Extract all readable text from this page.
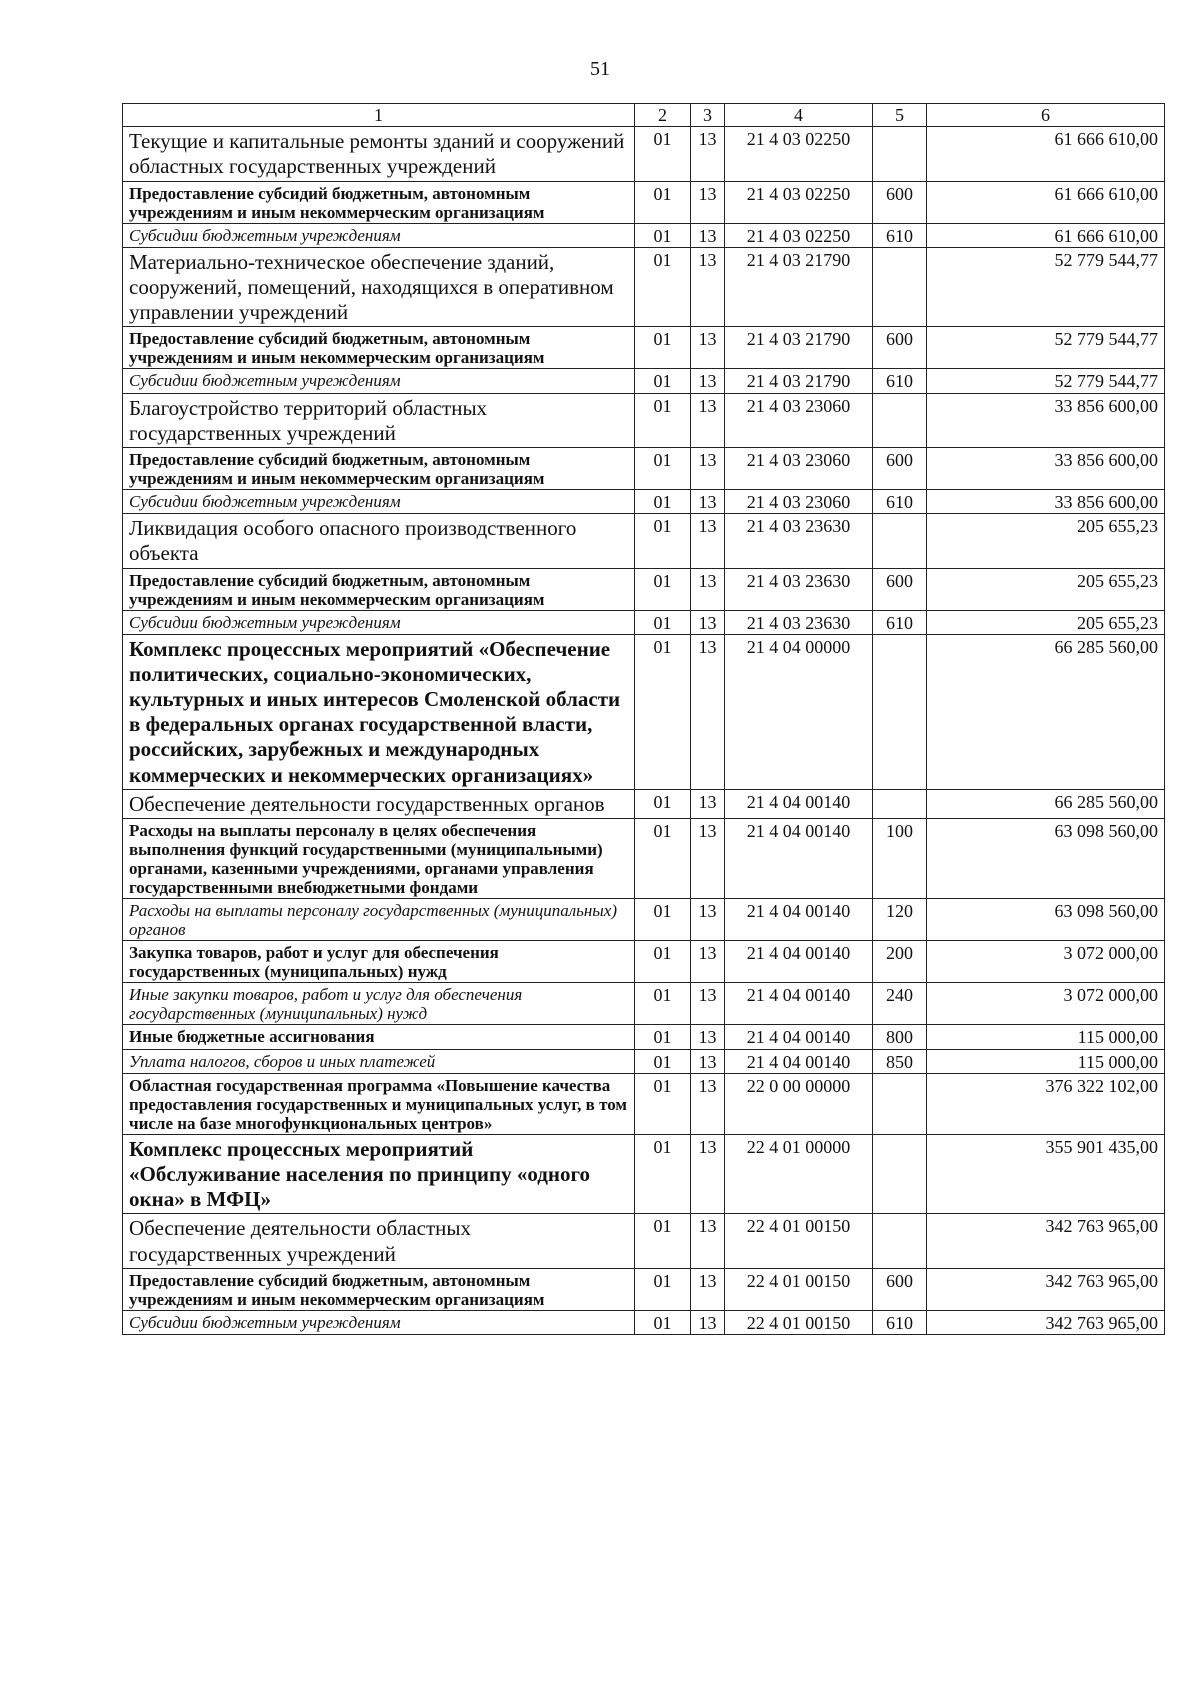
51
1	2	3	4	5	6
Текущие и капитальные ремонты зданий и сооружений областных государственных учреждений	01	13	21 4 03 02250		61 666 610,00
Предоставление субсидий бюджетным, автономным учреждениям и иным некоммерческим организациям	01	13	21 4 03 02250	600	61 666 610,00
Субсидии бюджетным учреждениям	01	13	21 4 03 02250	610	61 666 610,00
Материально-техническое обеспечение зданий, сооружений, помещений, находящихся в оперативном управлении учреждений	01	13	21 4 03 21790		52 779 544,77
Предоставление субсидий бюджетным, автономным учреждениям и иным некоммерческим организациям	01	13	21 4 03 21790	600	52 779 544,77
Субсидии бюджетным учреждениям	01	13	21 4 03 21790	610	52 779 544,77
Благоустройство территорий областных государственных учреждений	01	13	21 4 03 23060		33 856 600,00
Предоставление субсидий бюджетным, автономным учреждениям и иным некоммерческим организациям	01	13	21 4 03 23060	600	33 856 600,00
Субсидии бюджетным учреждениям	01	13	21 4 03 23060	610	33 856 600,00
Ликвидация особого опасного производственного объекта	01	13	21 4 03 23630		205 655,23
Предоставление субсидий бюджетным, автономным учреждениям и иным некоммерческим организациям	01	13	21 4 03 23630	600	205 655,23
Субсидии бюджетным учреждениям	01	13	21 4 03 23630	610	205 655,23
Комплекс процессных мероприятий «Обеспечение политических, социально-экономических, культурных и иных интересов Смоленской области в федеральных органах государственной власти, российских, зарубежных и международных коммерческих и некоммерческих организациях»	01	13	21 4 04 00000		66 285 560,00
Обеспечение деятельности государственных органов	01	13	21 4 04 00140		66 285 560,00
Расходы на выплаты персоналу в целях обеспечения выполнения функций государственными (муниципальными) органами, казенными учреждениями, органами управления государственными внебюджетными фондами	01	13	21 4 04 00140	100	63 098 560,00
Расходы на выплаты персоналу государственных (муниципальных) органов	01	13	21 4 04 00140	120	63 098 560,00
Закупка товаров, работ и услуг для обеспечения государственных (муниципальных) нужд	01	13	21 4 04 00140	200	3 072 000,00
Иные закупки товаров, работ и услуг для обеспечения государственных (муниципальных) нужд	01	13	21 4 04 00140	240	3 072 000,00
Иные бюджетные ассигнования	01	13	21 4 04 00140	800	115 000,00
Уплата налогов, сборов и иных платежей	01	13	21 4 04 00140	850	115 000,00
Областная государственная программа «Повышение качества предоставления государственных и муниципальных услуг, в том числе на базе многофункциональных центров»	01	13	22 0 00 00000		376 322 102,00
Комплекс процессных мероприятий «Обслуживание населения по принципу «одного окна» в МФЦ»	01	13	22 4 01 00000		355 901 435,00
Обеспечение деятельности областных государственных учреждений	01	13	22 4 01 00150		342 763 965,00
Предоставление субсидий бюджетным, автономным учреждениям и иным некоммерческим организациям	01	13	22 4 01 00150	600	342 763 965,00
Субсидии бюджетным учреждениям	01	13	22 4 01 00150	610	342 763 965,00
